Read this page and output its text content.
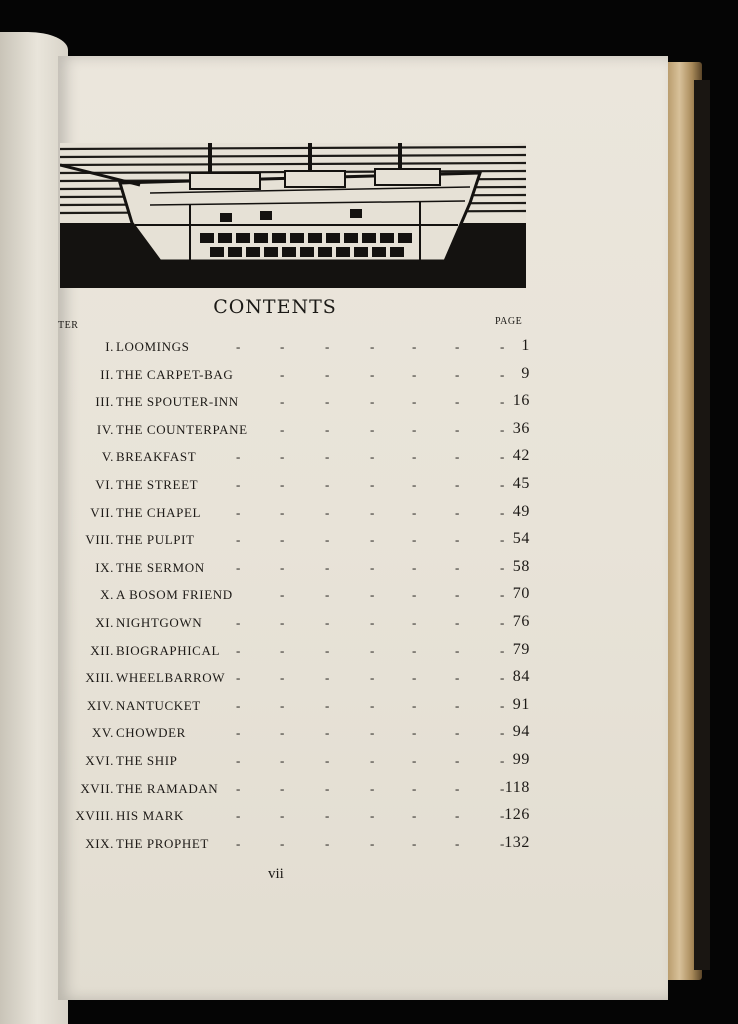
CONTENTS
TER	PAGE
I. LOOMINGS	-	-	-	-	-	-	- 1
II. THE CARPET-BAG	-	-	-	-	-	- 9
III. THE SPOUTER-INN	-	-	-	-	-	- 16
IV. THE COUNTERPANE -	-	-	-	-	- 36
V. BREAKFAST	-	-	-	-	-	-	- 42
VI. THE STREET	-	-	-	-	-	-	- 45
VII. THE CHAPEL	-	-	-	-	-	-	- 49
VIII. THE PULPIT	-	-	-	-	-	-	- 54
IX. THE SERMON -	-	-	-	-	-	- 58
X. A BOSOM FRIEND	-	-	-	-	-	- 70
XI. NIGHTGOWN	-	-	-	-	-	-	- 76
XII. BIOGRAPHICAL -	-	-	-	-	-	- 79
XIII. WHEELBARROW -	-	-	-	-	-	- 84
XIV. NANTUCKET	-	-	-	-	-	-	- 91
XV. CHOWDER	-	-	-	-	-	-	- 94
XVI. THE SHIP	-	-	-	-	-	-	- 99
XVII. THE RAMADAN -	-	-	-	-	-	- 118
XVIII. HIS MARK	-	-	-	-	-	-	- 126
XIX. THE PROPHET -	-	-	-	-	-	- 132
vii
